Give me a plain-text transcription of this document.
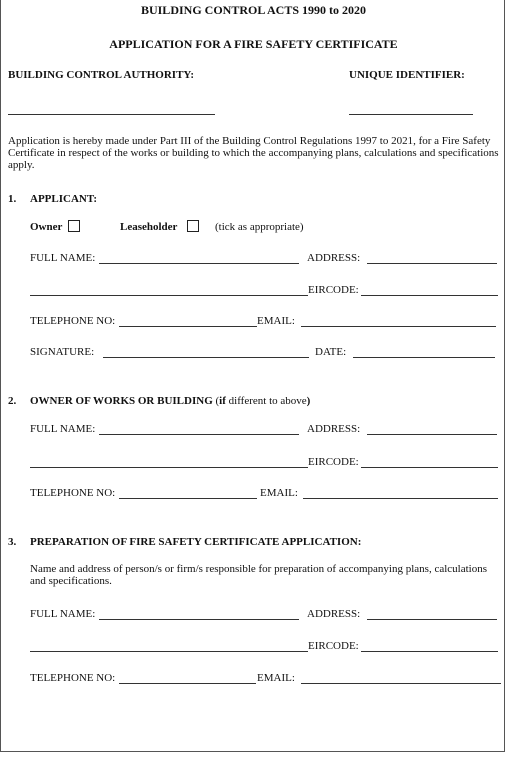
BUILDING CONTROL ACTS 1990 to 2020
APPLICATION FOR A FIRE SAFETY CERTIFICATE
BUILDING CONTROL AUTHORITY:	UNIQUE IDENTIFIER:
Application is hereby made under Part III of the Building Control Regulations 1997 to 2021, for a Fire Safety Certificate in respect of the works or building to which the accompanying plans, calculations and specifications apply.
1. APPLICANT:
Owner	Leaseholder	(tick as appropriate)
FULL NAME:	ADDRESS:
EIRCODE:
TELEPHONE NO:	EMAIL:
SIGNATURE:	DATE:
2. OWNER OF WORKS OR BUILDING (if different to above)
FULL NAME:	ADDRESS:
EIRCODE:
TELEPHONE NO:	EMAIL:
3. PREPARATION OF FIRE SAFETY CERTIFICATE APPLICATION:
Name and address of person/s or firm/s responsible for preparation of accompanying plans, calculations and specifications.
FULL NAME:	ADDRESS:
EIRCODE:
TELEPHONE NO:	EMAIL:
